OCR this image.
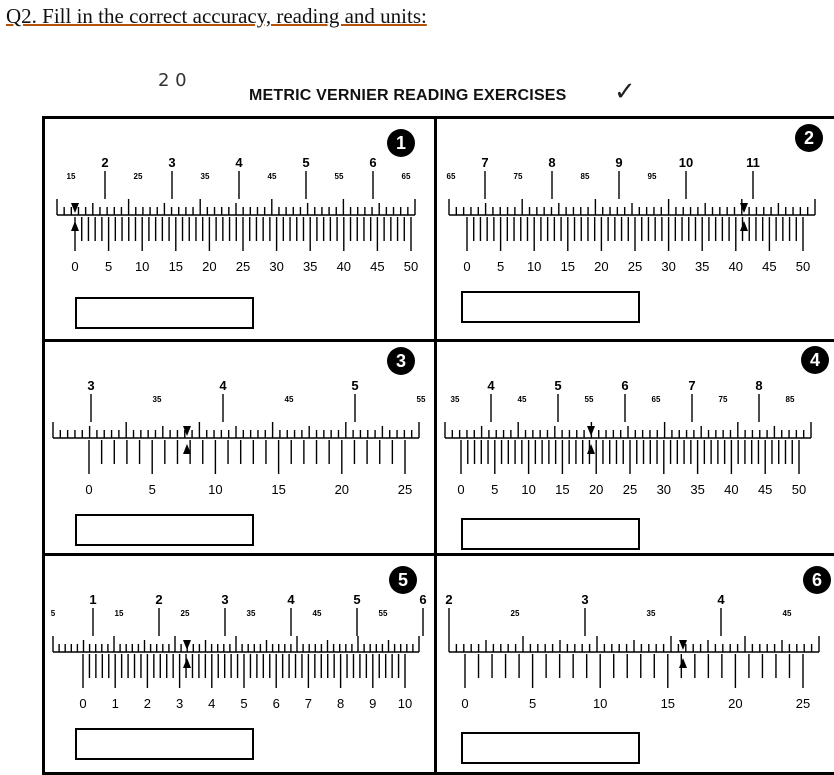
Q2. Fill in the correct accuracy, reading and units:
2 0	✓
METRIC VERNIER READING EXERCISES
0 5 10 15 20 25 30 35 40 45 50
2	3	4	5	6
15	25	35	45	55	65
1
0 5 10 15 20 25 30 35 40 45 50
7	8	9	10	11
65	75	85	95
2
0	5	10	15	20	25
3	4	5
35	45	55
3
0 5 10 15 20 25 30 35 40 45 50
4	5	6	7	8
35	45	55	65	75	85
4
0 1 2 3 4 5 6 7 8 9 10
1	2	3	4	5	6
5	15	25	35	45	55
5
0	5	10	15	20	25
2	3	4
25	35	45
6
